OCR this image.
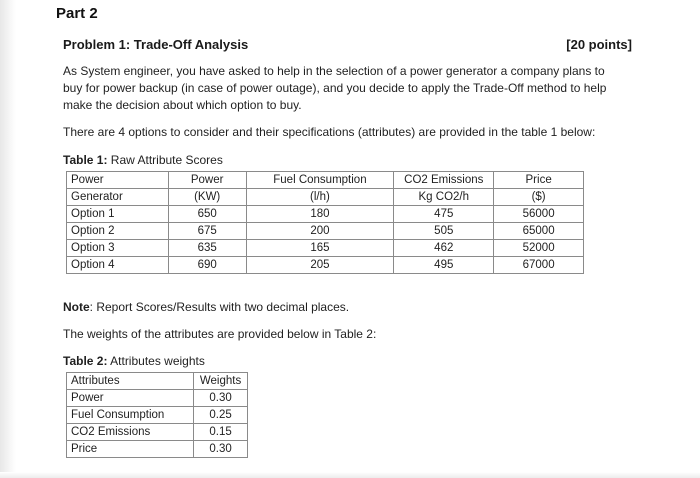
Part 2
Problem 1: Trade-Off Analysis	[20 points]
As System engineer, you have asked to help in the selection of a power generator a company plans to
buy for power backup (in case of power outage), and you decide to apply the Trade-Off method to help
make the decision about which option to buy.
There are 4 options to consider and their specifications (attributes) are provided in the table 1 below:
Table 1: Raw Attribute Scores
Power	Power	Fuel Consumption	CO2 Emissions	Price
Generator	(KW)	(l/h)	Kg CO2/h	($)
Option 1	650	180	475	56000
Option 2	675	200	505	65000
Option 3	635	165	462	52000
Option 4	690	205	495	67000
Note: Report Scores/Results with two decimal places.
The weights of the attributes are provided below in Table 2:
Table 2: Attributes weights
Attributes	Weights
Power	0.30
Fuel Consumption	0.25
CO2 Emissions	0.15
Price	0.30
